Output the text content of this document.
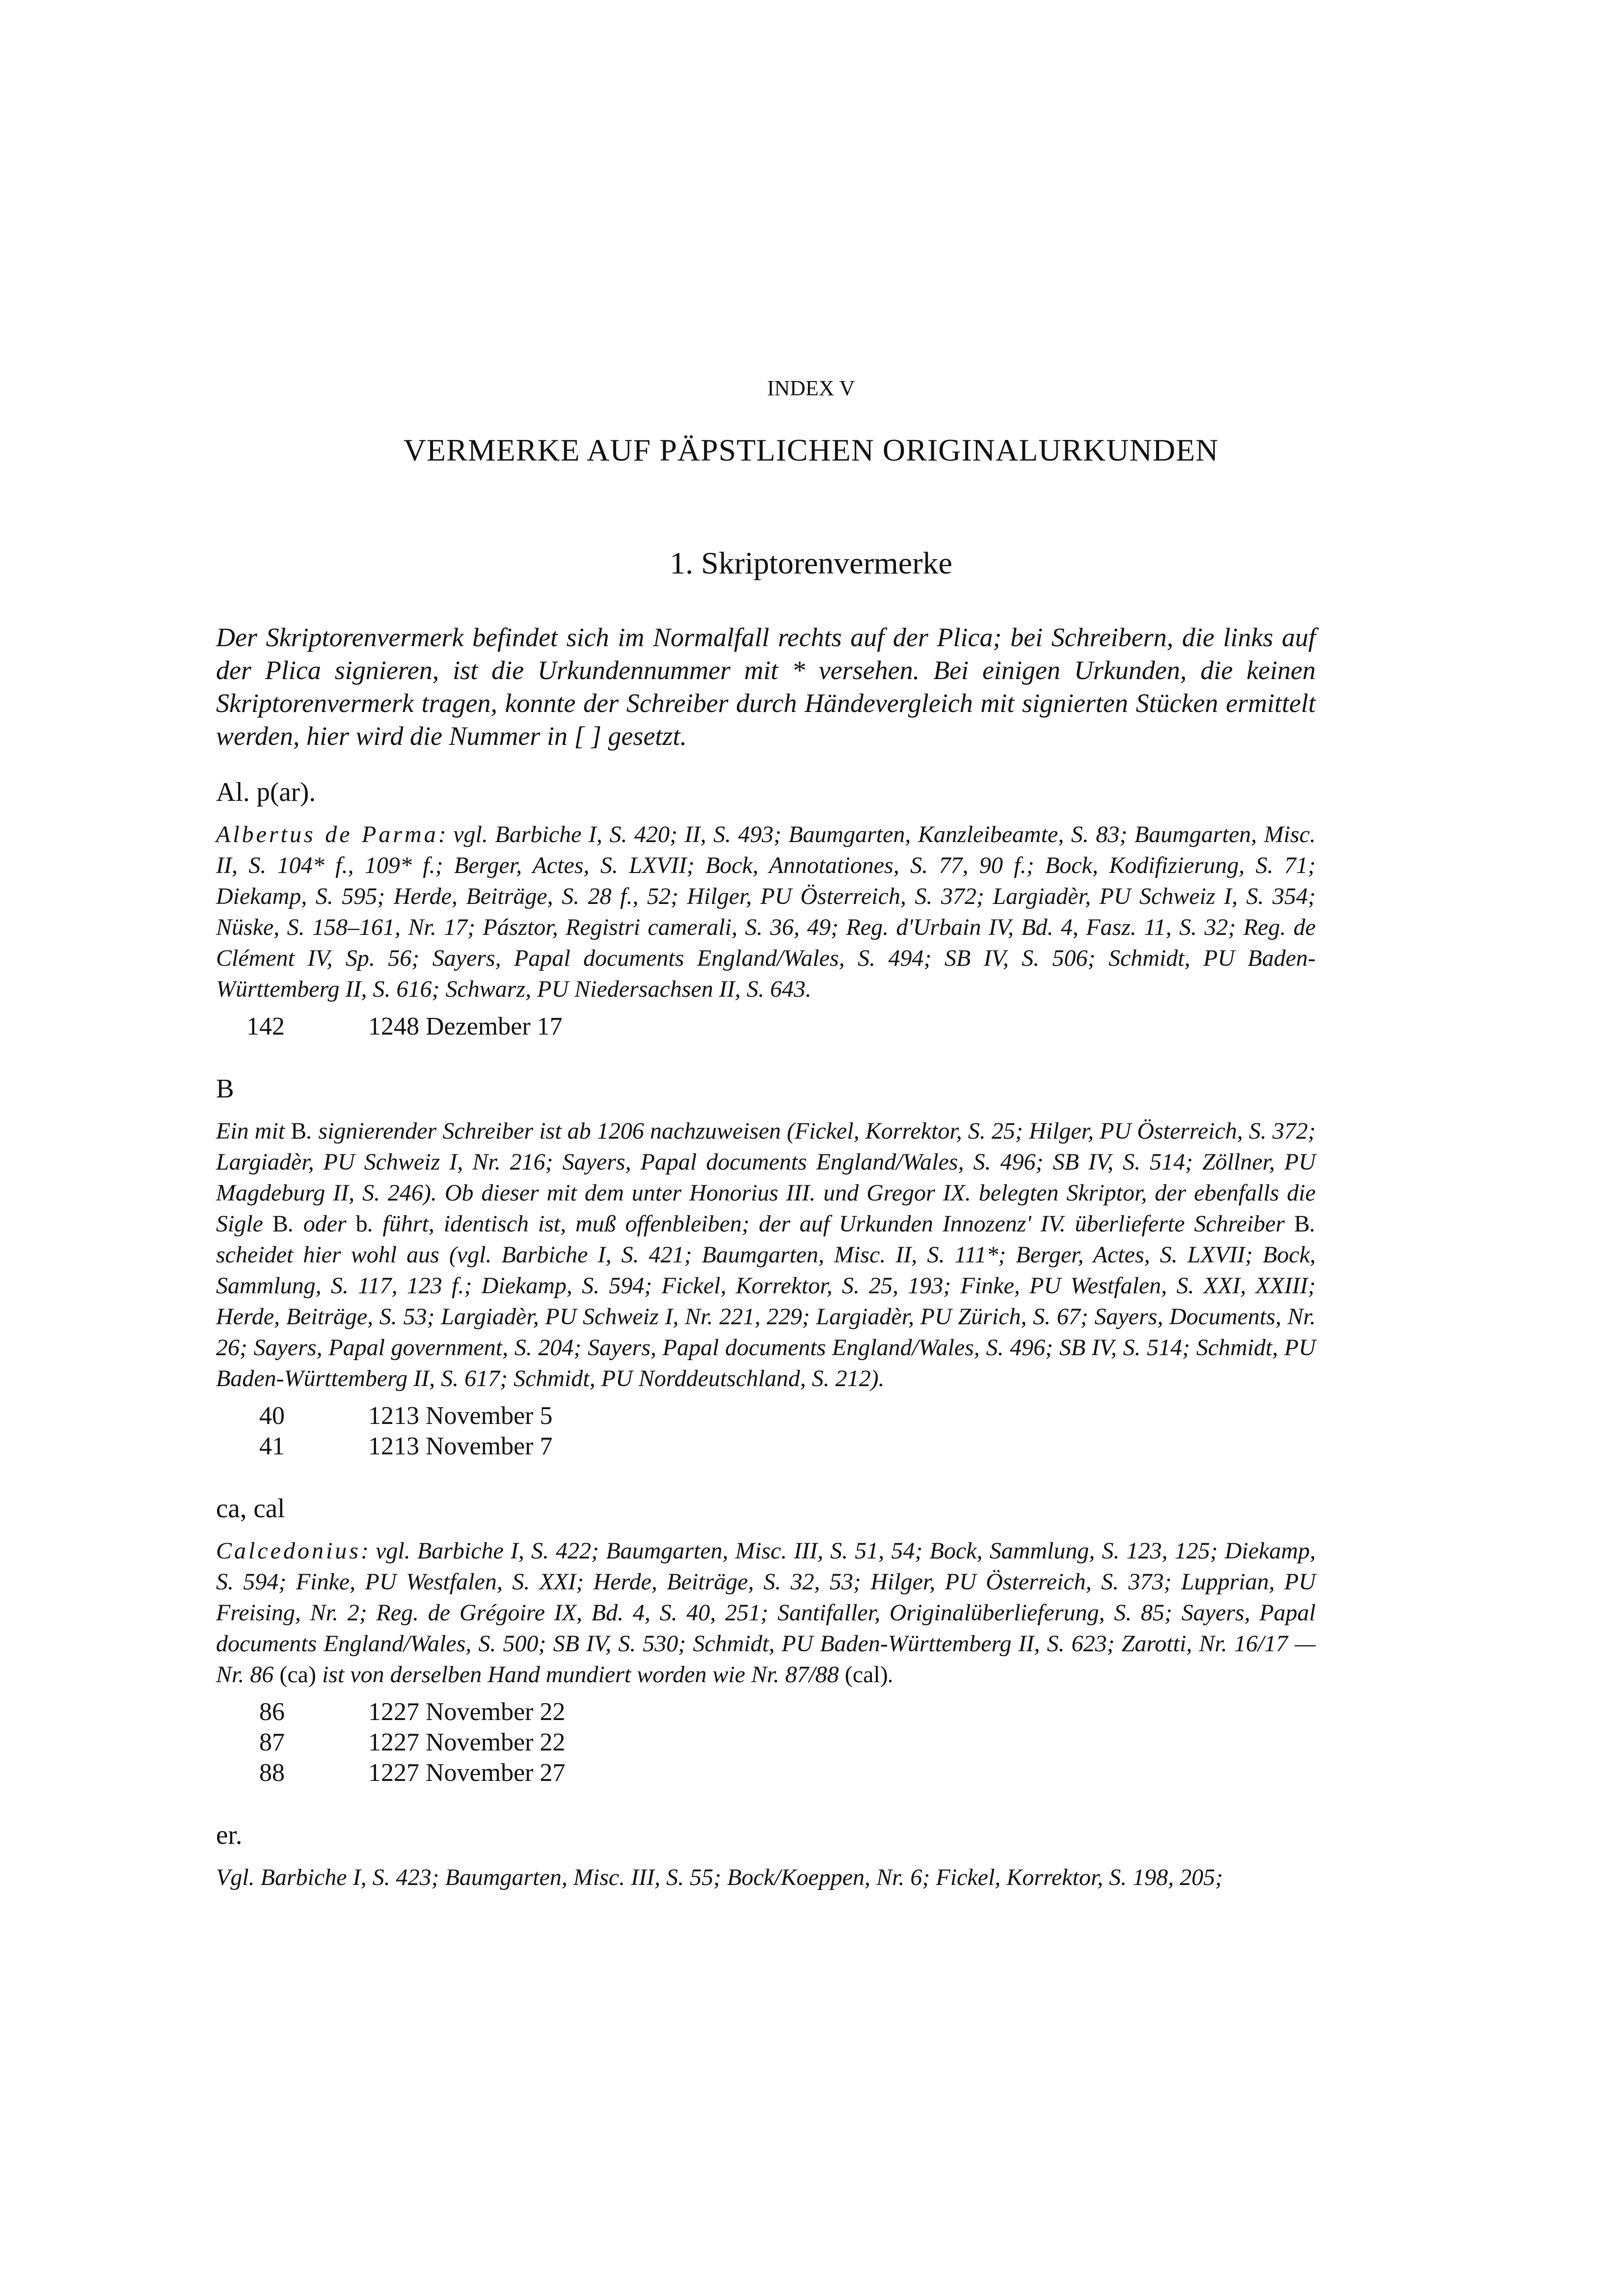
INDEX V
VERMERKE AUF PÄPSTLICHEN ORIGINALURKUNDEN
1. Skriptorenvermerke

Der Skriptorenvermerk befindet sich im Normalfall rechts auf der Plica; bei Schreibern, die links auf der Plica signieren, ist die Urkundennummer mit * versehen. Bei einigen Urkunden, die keinen Skriptorenvermerk tragen, konnte der Schreiber durch Händevergleich mit signierten Stücken ermittelt werden, hier wird die Nummer in [ ] gesetzt.

Al. p(ar).

Albertus de Parma: vgl. Barbiche I, S. 420; II, S. 493; Baumgarten, Kanzleibeamte, S. 83; Baumgarten, Misc. II, S. 104* f., 109* f.; Berger, Actes, S. LXVII; Bock, Annotationes, S. 77, 90 f.; Bock, Kodifizierung, S. 71; Diekamp, S. 595; Herde, Beiträge, S. 28 f., 52; Hilger, PU Österreich, S. 372; Largiadèr, PU Schweiz I, S. 354; Nüske, S. 158–161, Nr. 17; Pásztor, Registri camerali, S. 36, 49; Reg. d'Urbain IV, Bd. 4, Fasz. 11, S. 32; Reg. de Clément IV, Sp. 56; Sayers, Papal documents England/Wales, S. 494; SB IV, S. 506; Schmidt, PU Baden-Württemberg II, S. 616; Schwarz, PU Niedersachsen II, S. 643.

142	1248 Dezember 17
B

Ein mit B. signierender Schreiber ist ab 1206 nachzuweisen (Fickel, Korrektor, S. 25; Hilger, PU Österreich, S. 372; Largiadèr, PU Schweiz I, Nr. 216; Sayers, Papal documents England/Wales, S. 496; SB IV, S. 514; Zöllner, PU Magdeburg II, S. 246). Ob dieser mit dem unter Honorius III. und Gregor IX. belegten Skriptor, der ebenfalls die Sigle B. oder b. führt, identisch ist, muß offenbleiben; der auf Urkunden Innozenz' IV. überlieferte Schreiber B. scheidet hier wohl aus (vgl. Barbiche I, S. 421; Baumgarten, Misc. II, S. 111*; Berger, Actes, S. LXVII; Bock, Sammlung, S. 117, 123 f.; Diekamp, S. 594; Fickel, Korrektor, S. 25, 193; Finke, PU Westfalen, S. XXI, XXIII; Herde, Beiträge, S. 53; Largiadèr, PU Schweiz I, Nr. 221, 229; Largiadèr, PU Zürich, S. 67; Sayers, Documents, Nr. 26; Sayers, Papal government, S. 204; Sayers, Papal documents England/Wales, S. 496; SB IV, S. 514; Schmidt, PU Baden-Württemberg II, S. 617; Schmidt, PU Norddeutschland, S. 212).

40	1213 November 5
41	1213 November 7
ca, cal

Calcedonius: vgl. Barbiche I, S. 422; Baumgarten, Misc. III, S. 51, 54; Bock, Sammlung, S. 123, 125; Diekamp, S. 594; Finke, PU Westfalen, S. XXI; Herde, Beiträge, S. 32, 53; Hilger, PU Österreich, S. 373; Lupprian, PU Freising, Nr. 2; Reg. de Grégoire IX, Bd. 4, S. 40, 251; Santifaller, Originalüberlieferung, S. 85; Sayers, Papal documents England/Wales, S. 500; SB IV, S. 530; Schmidt, PU Baden-Württemberg II, S. 623; Zarotti, Nr. 16/17 — Nr. 86 (ca) ist von derselben Hand mundiert worden wie Nr. 87/88 (cal).

86	1227 November 22
87	1227 November 22
88	1227 November 27
er.

Vgl. Barbiche I, S. 423; Baumgarten, Misc. III, S. 55; Bock/Koeppen, Nr. 6; Fickel, Korrektor, S. 198, 205;
